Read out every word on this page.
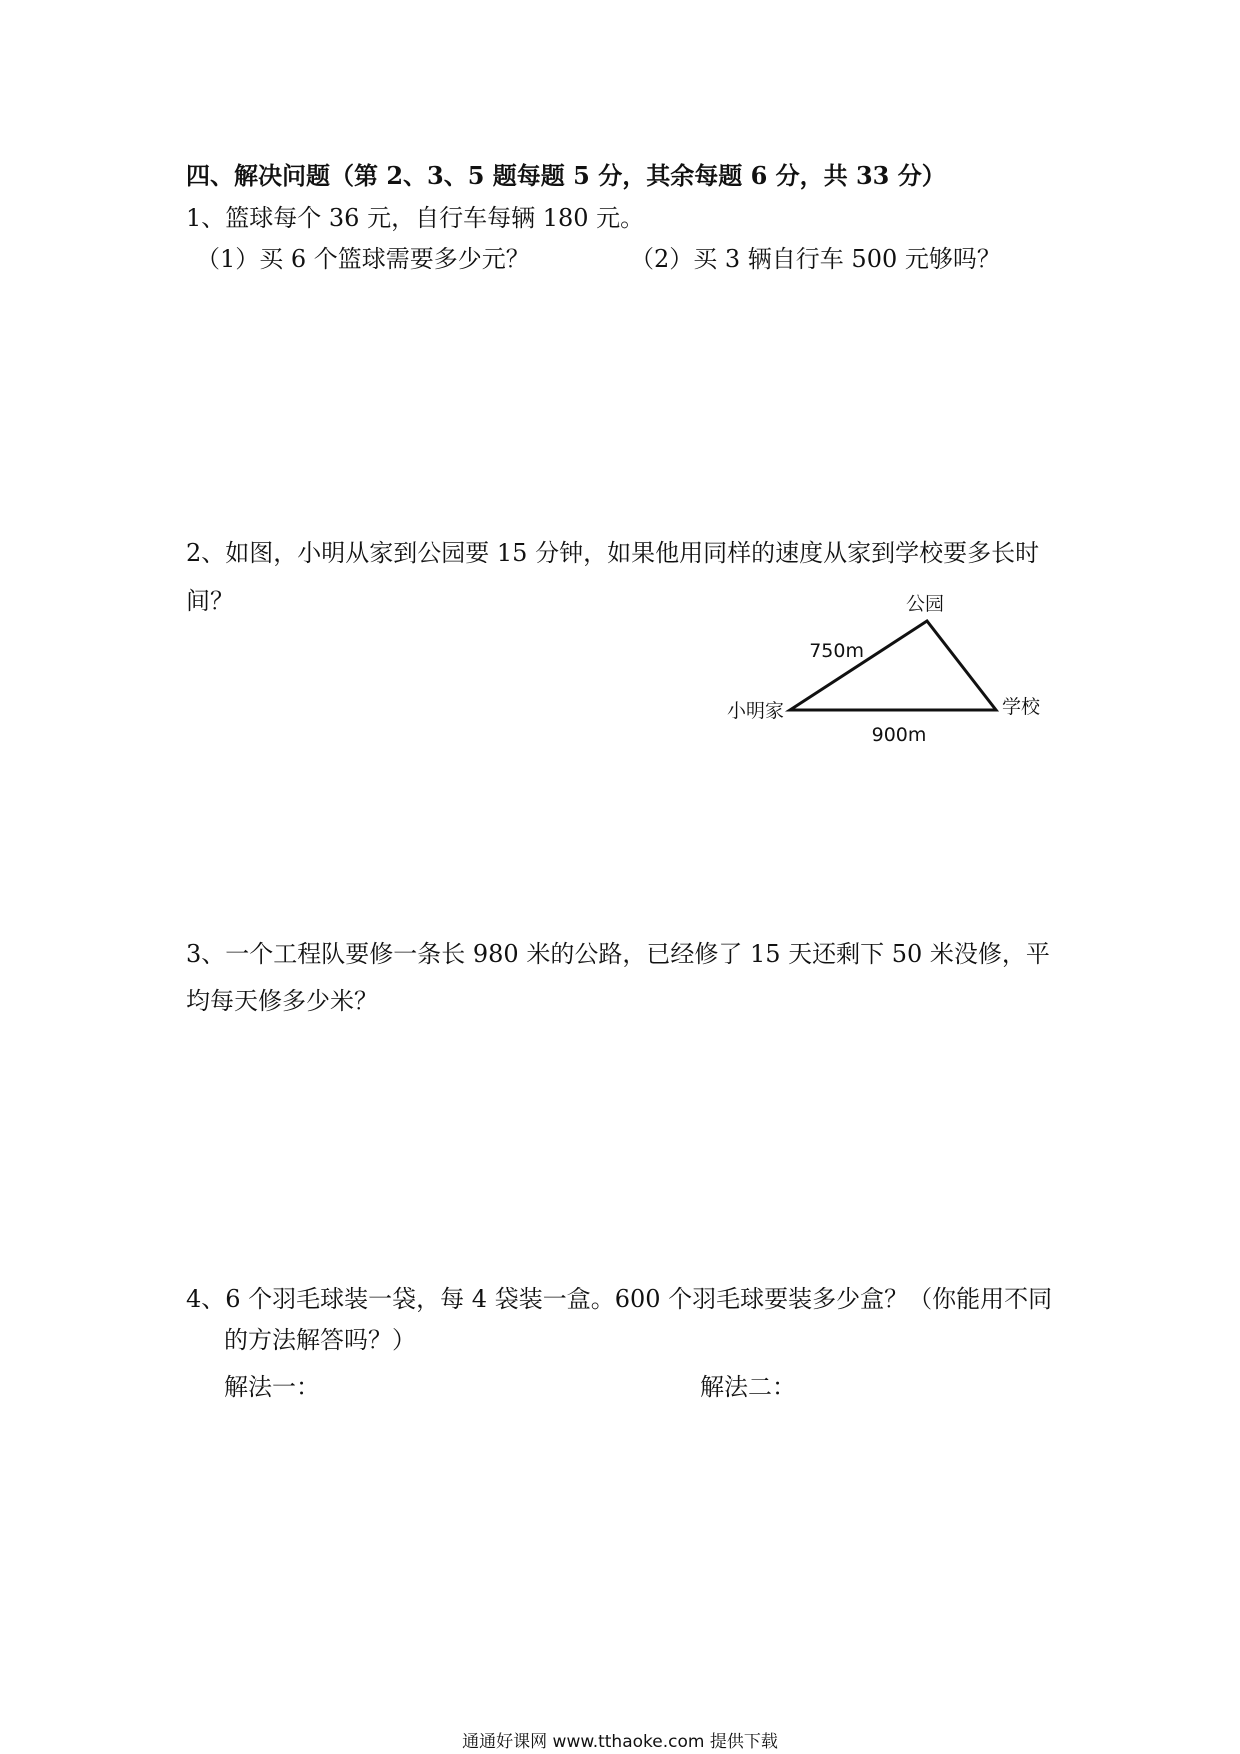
四、解决问题（第 2、3、5 题每题 5 分，其余每题 6 分，共 33 分）
1、篮球每个 36 元，自行车每辆 180 元。
（1）买 6 个篮球需要多少元？	（2）买 3 辆自行车 500 元够吗？
2、如图，小明从家到公园要 15 分钟，如果他用同样的速度从家到学校要多长时
间？	公园
小明家	学校
750m
900m
3、一个工程队要修一条长 980 米的公路，已经修了 15 天还剩下 50 米没修，平
均每天修多少米？
4、6 个羽毛球装一袋，每 4 袋装一盒。600 个羽毛球要装多少盒？（你能用不同
的方法解答吗？）
解法一：	解法二：
通通好课网 www.tthaoke.com 提供下载
